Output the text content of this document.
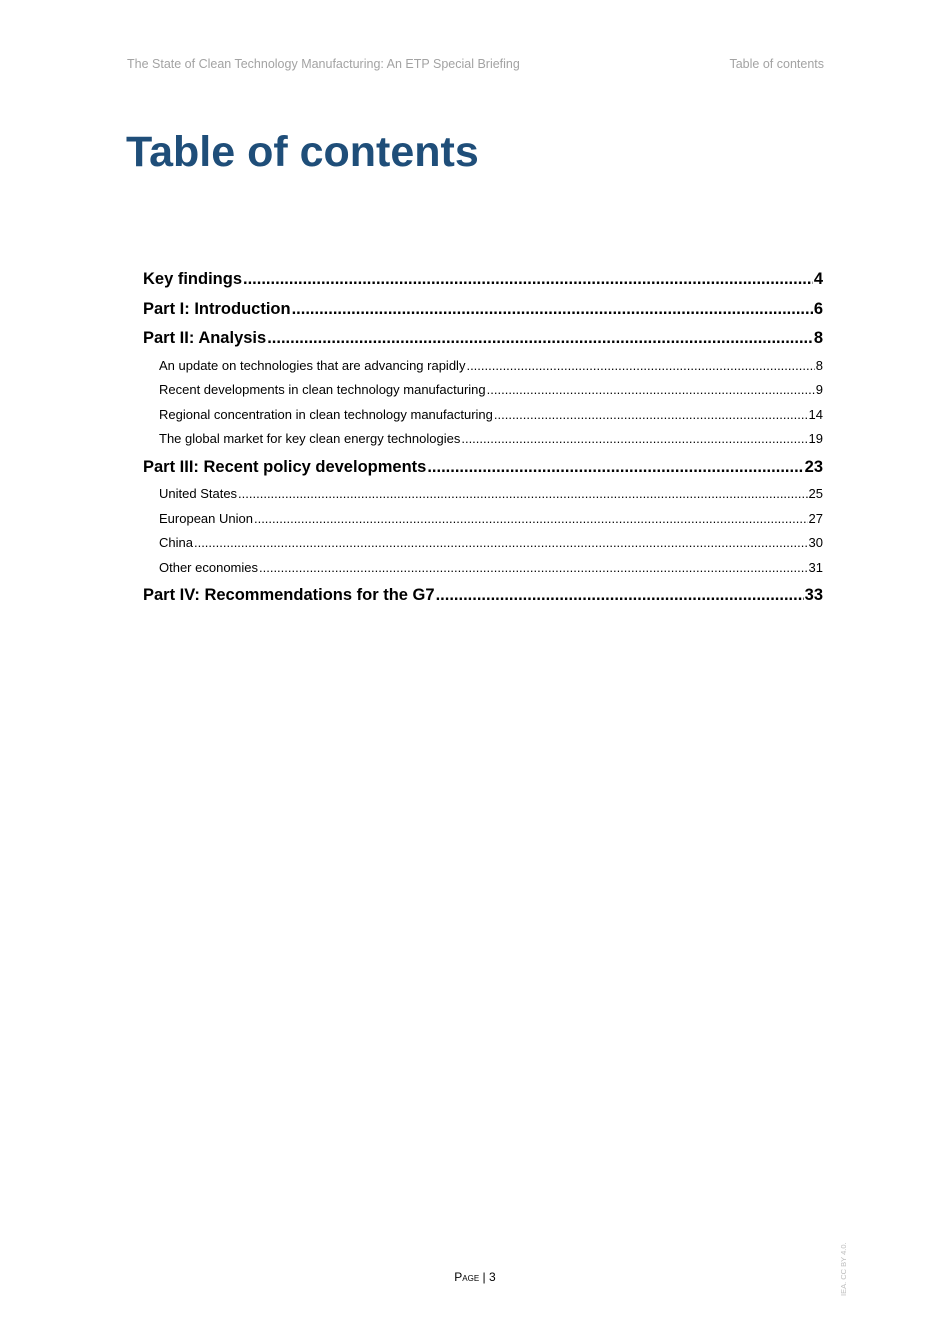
The State of Clean Technology Manufacturing: An ETP Special Briefing	Table of contents
Table of contents
Key findings .....	4
Part I: Introduction .....	6
Part II: Analysis .....	8
An update on technologies that are advancing rapidly .....	8
Recent developments in clean technology manufacturing .....	9
Regional concentration in clean technology manufacturing .....	14
The global market for key clean energy technologies .....	19
Part III: Recent policy developments .....	23
United States .....	25
European Union .....	27
China .....	30
Other economies .....	31
Part IV: Recommendations for the G7 .....	33
Page | 3	IEA. CC BY 4.0.
